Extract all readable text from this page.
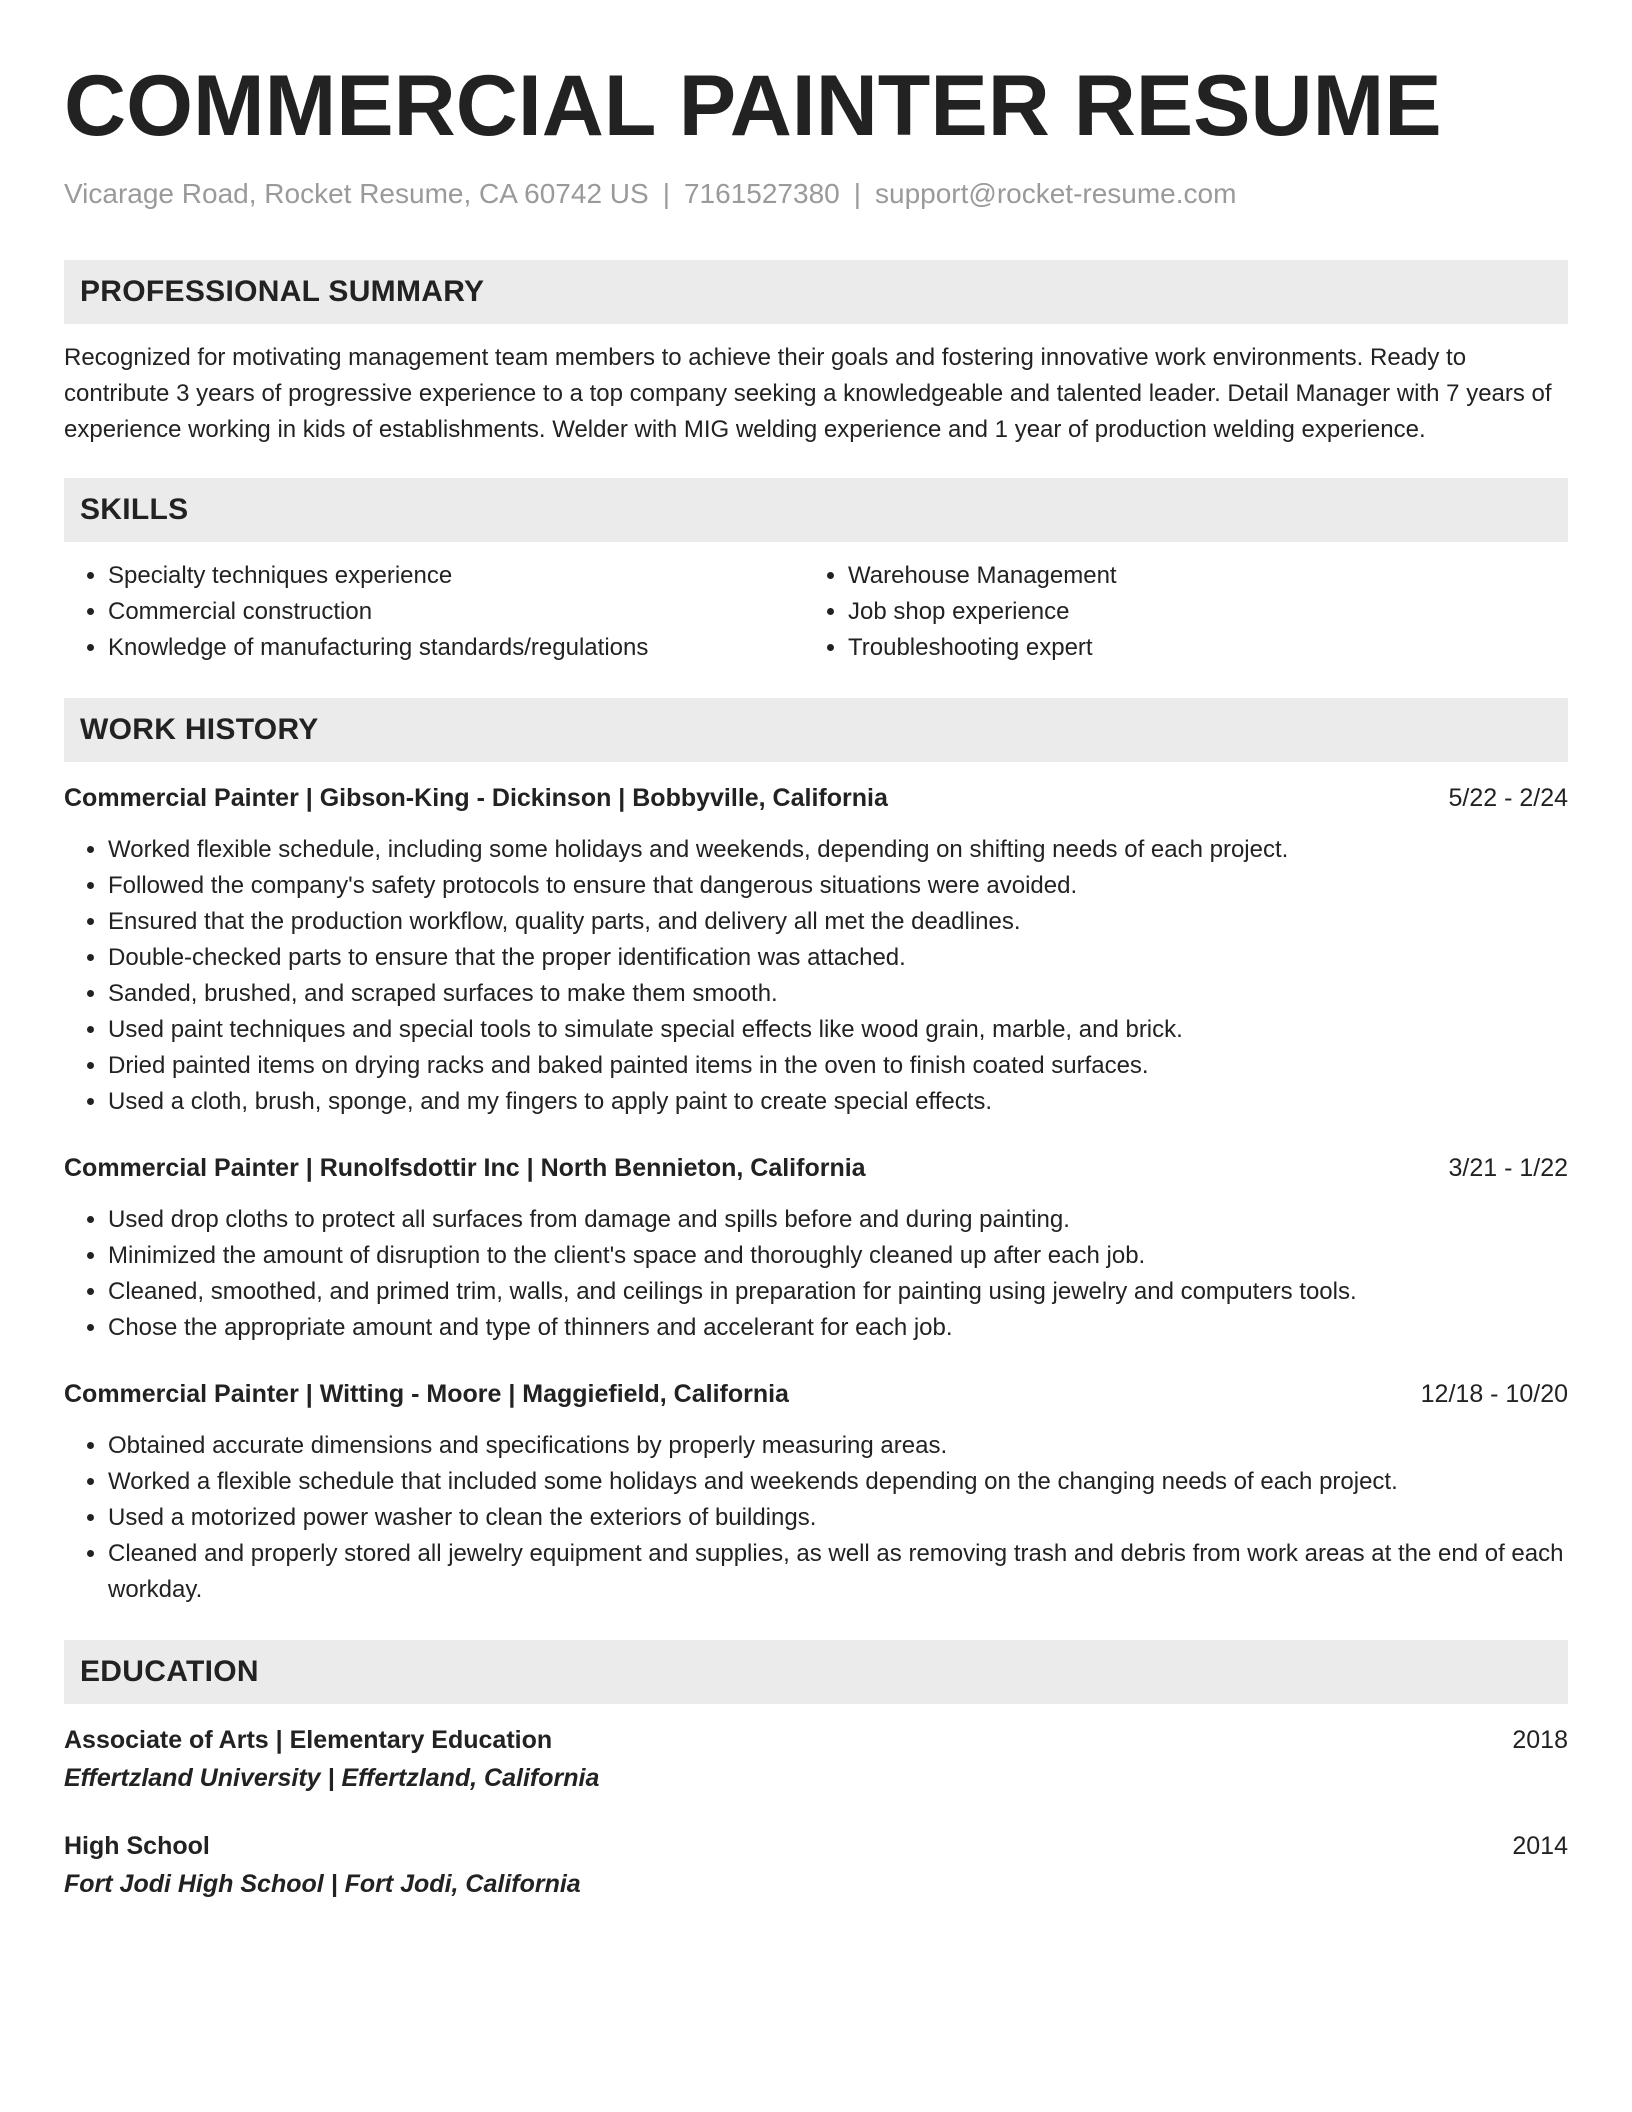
COMMERCIAL PAINTER RESUME
Vicarage Road, Rocket Resume, CA 60742 US | 7161527380 | support@rocket-resume.com
PROFESSIONAL SUMMARY
Recognized for motivating management team members to achieve their goals and fostering innovative work environments. Ready to contribute 3 years of progressive experience to a top company seeking a knowledgeable and talented leader. Detail Manager with 7 years of experience working in kids of establishments. Welder with MIG welding experience and 1 year of production welding experience.
SKILLS
• Specialty techniques experience
• Commercial construction
• Knowledge of manufacturing standards/regulations
• Warehouse Management
• Job shop experience
• Troubleshooting expert
WORK HISTORY
Commercial Painter | Gibson-King - Dickinson | Bobbyville, California	5/22 - 2/24
• Worked flexible schedule, including some holidays and weekends, depending on shifting needs of each project.
• Followed the company's safety protocols to ensure that dangerous situations were avoided.
• Ensured that the production workflow, quality parts, and delivery all met the deadlines.
• Double-checked parts to ensure that the proper identification was attached.
• Sanded, brushed, and scraped surfaces to make them smooth.
• Used paint techniques and special tools to simulate special effects like wood grain, marble, and brick.
• Dried painted items on drying racks and baked painted items in the oven to finish coated surfaces.
• Used a cloth, brush, sponge, and my fingers to apply paint to create special effects.
Commercial Painter | Runolfsdottir Inc | North Bennieton, California	3/21 - 1/22
• Used drop cloths to protect all surfaces from damage and spills before and during painting.
• Minimized the amount of disruption to the client's space and thoroughly cleaned up after each job.
• Cleaned, smoothed, and primed trim, walls, and ceilings in preparation for painting using jewelry and computers tools.
• Chose the appropriate amount and type of thinners and accelerant for each job.
Commercial Painter | Witting - Moore | Maggiefield, California	12/18 - 10/20
• Obtained accurate dimensions and specifications by properly measuring areas.
• Worked a flexible schedule that included some holidays and weekends depending on the changing needs of each project.
• Used a motorized power washer to clean the exteriors of buildings.
• Cleaned and properly stored all jewelry equipment and supplies, as well as removing trash and debris from work areas at the end of each workday.
EDUCATION
Associate of Arts | Elementary Education	2018
Effertzland University | Effertzland, California
High School	2014
Fort Jodi High School | Fort Jodi, California
